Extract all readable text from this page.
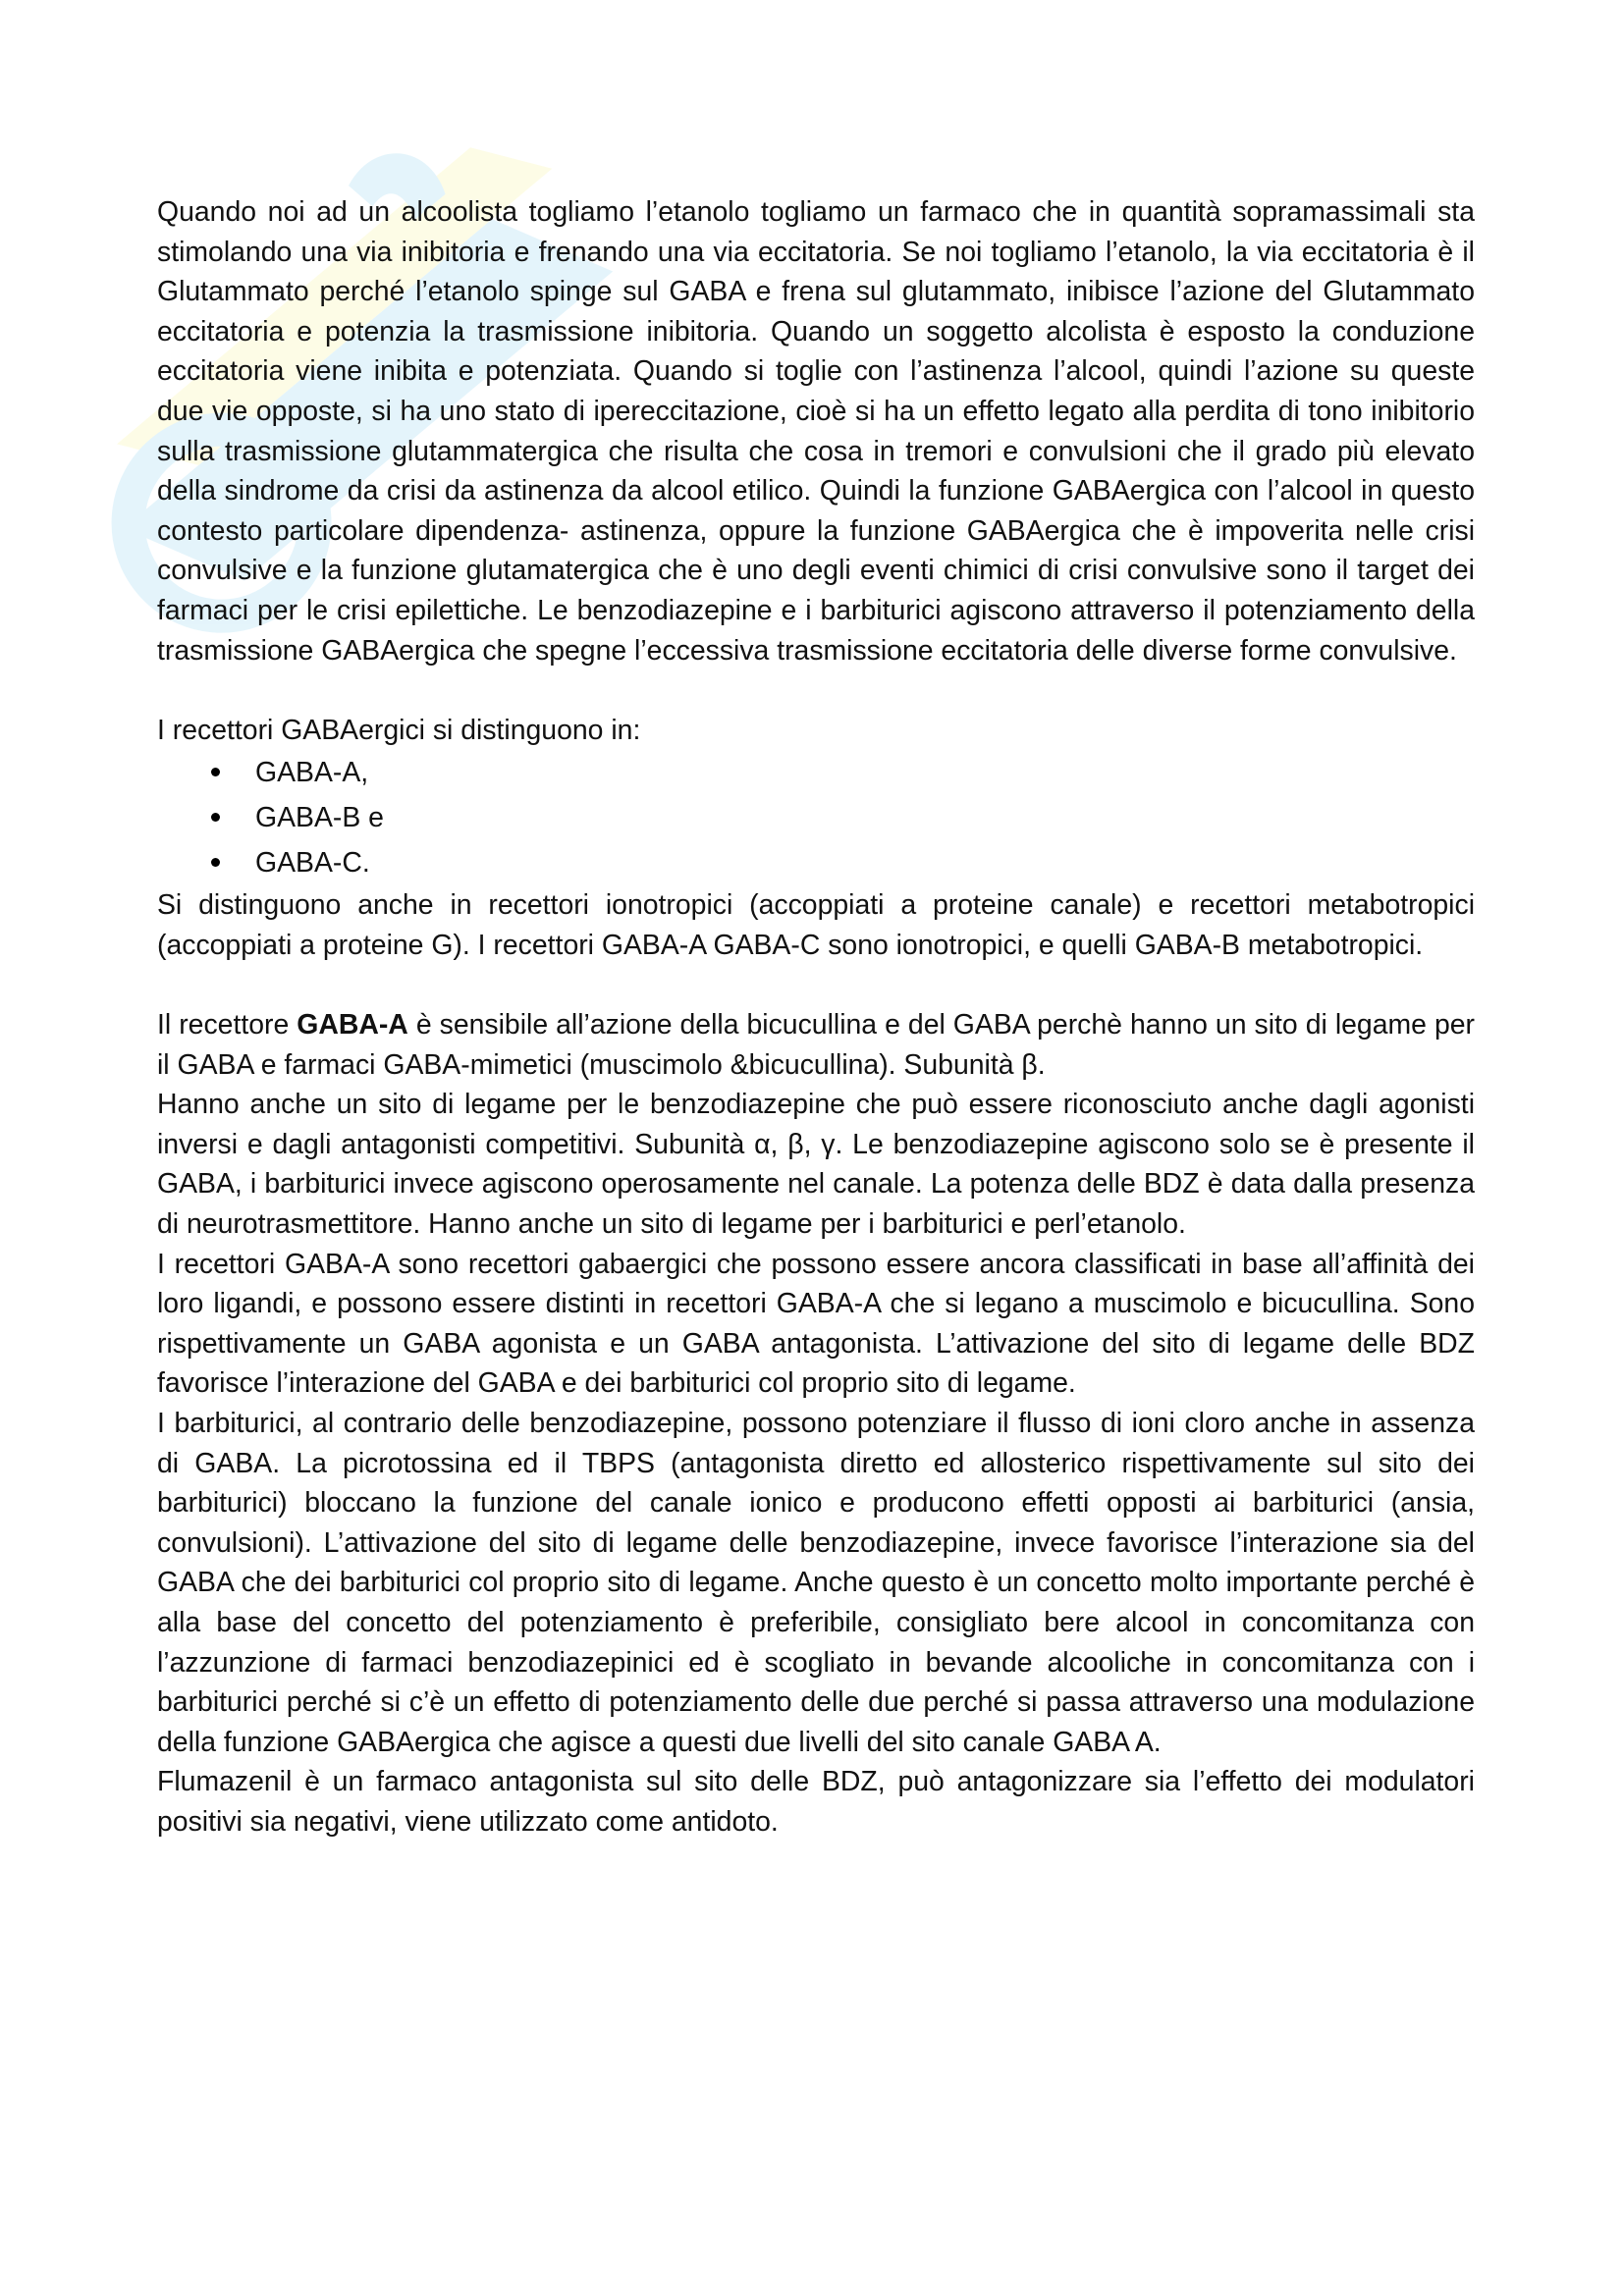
Quando noi ad un alcoolista togliamo l’etanolo togliamo un farmaco che in quantità sopramassimali sta stimolando una via inibitoria e frenando una via eccitatoria. Se noi togliamo l’etanolo, la via eccitatoria è il Glutammato perché l’etanolo spinge sul GABA e frena sul glutammato, inibisce l’azione del Glutammato eccitatoria e potenzia la trasmissione inibitoria. Quando un soggetto alcolista è esposto la conduzione eccitatoria viene inibita e potenziata. Quando si toglie con l’astinenza l’alcool, quindi l’azione su queste due vie opposte, si ha uno stato di ipereccitazione, cioè si ha un effetto legato alla perdita di tono inibitorio sulla trasmissione glutammatergica che risulta che cosa in tremori e convulsioni che il grado più elevato della sindrome da crisi da astinenza da alcool etilico. Quindi la funzione GABAergica con l’alcool in questo contesto particolare dipendenza- astinenza, oppure la funzione GABAergica che è impoverita nelle crisi convulsive e la funzione glutamatergica che è uno degli eventi chimici di crisi convulsive sono il target dei farmaci per le crisi epilettiche. Le benzodiazepine e i barbiturici agiscono attraverso il potenziamento della trasmissione GABAergica che spegne l’eccessiva trasmissione eccitatoria delle diverse forme convulsive.

I recettori GABAergici si distinguono in:

GABA-A,
GABA-B e
GABA-C.

Si distinguono anche in recettori ionotropici (accoppiati a proteine canale) e recettori metabotropici (accoppiati a proteine G). I recettori GABA-A GABA-C sono ionotropici, e quelli GABA-B metabotropici.

Il recettore GABA-A è sensibile all’azione della bicucullina e del GABA perchè hanno un sito di legame per il GABA e farmaci GABA-mimetici (muscimolo &bicucullina). Subunità β.

Hanno anche un sito di legame per le benzodiazepine che può essere riconosciuto anche dagli agonisti inversi e dagli antagonisti competitivi. Subunità α, β, γ. Le benzodiazepine agiscono solo se è presente il GABA, i barbiturici invece agiscono operosamente nel canale. La potenza delle BDZ è data dalla presenza di neurotrasmettitore. Hanno anche un sito di legame per i barbiturici e perl’etanolo.

I recettori GABA-A sono recettori gabaergici che possono essere ancora classificati in base all’affinità dei loro ligandi, e possono essere distinti in recettori GABA-A che si legano a muscimolo e bicucullina. Sono rispettivamente un GABA agonista e un GABA antagonista. L’attivazione del sito di legame delle BDZ favorisce l’interazione del GABA e dei barbiturici col proprio sito di legame.

I barbiturici, al contrario delle benzodiazepine, possono potenziare il flusso di ioni cloro anche in assenza di GABA. La picrotossina ed il TBPS (antagonista diretto ed allosterico rispettivamente sul sito dei barbiturici) bloccano la funzione del canale ionico e producono effetti opposti ai barbiturici (ansia, convulsioni). L’attivazione del sito di legame delle benzodiazepine, invece favorisce l’interazione sia del GABA che dei barbiturici col proprio sito di legame. Anche questo è un concetto molto importante perché è alla base del concetto del potenziamento è preferibile, consigliato bere alcool in concomitanza con l’azzunzione di farmaci benzodiazepinici ed è scogliato in bevande alcooliche in concomitanza con i barbiturici perché si c’è un effetto di potenziamento delle due perché si passa attraverso una modulazione della funzione GABAergica che agisce a questi due livelli del sito canale GABA A.

Flumazenil è un farmaco antagonista sul sito delle BDZ, può antagonizzare sia l’effetto dei modulatori positivi sia negativi, viene utilizzato come antidoto.
